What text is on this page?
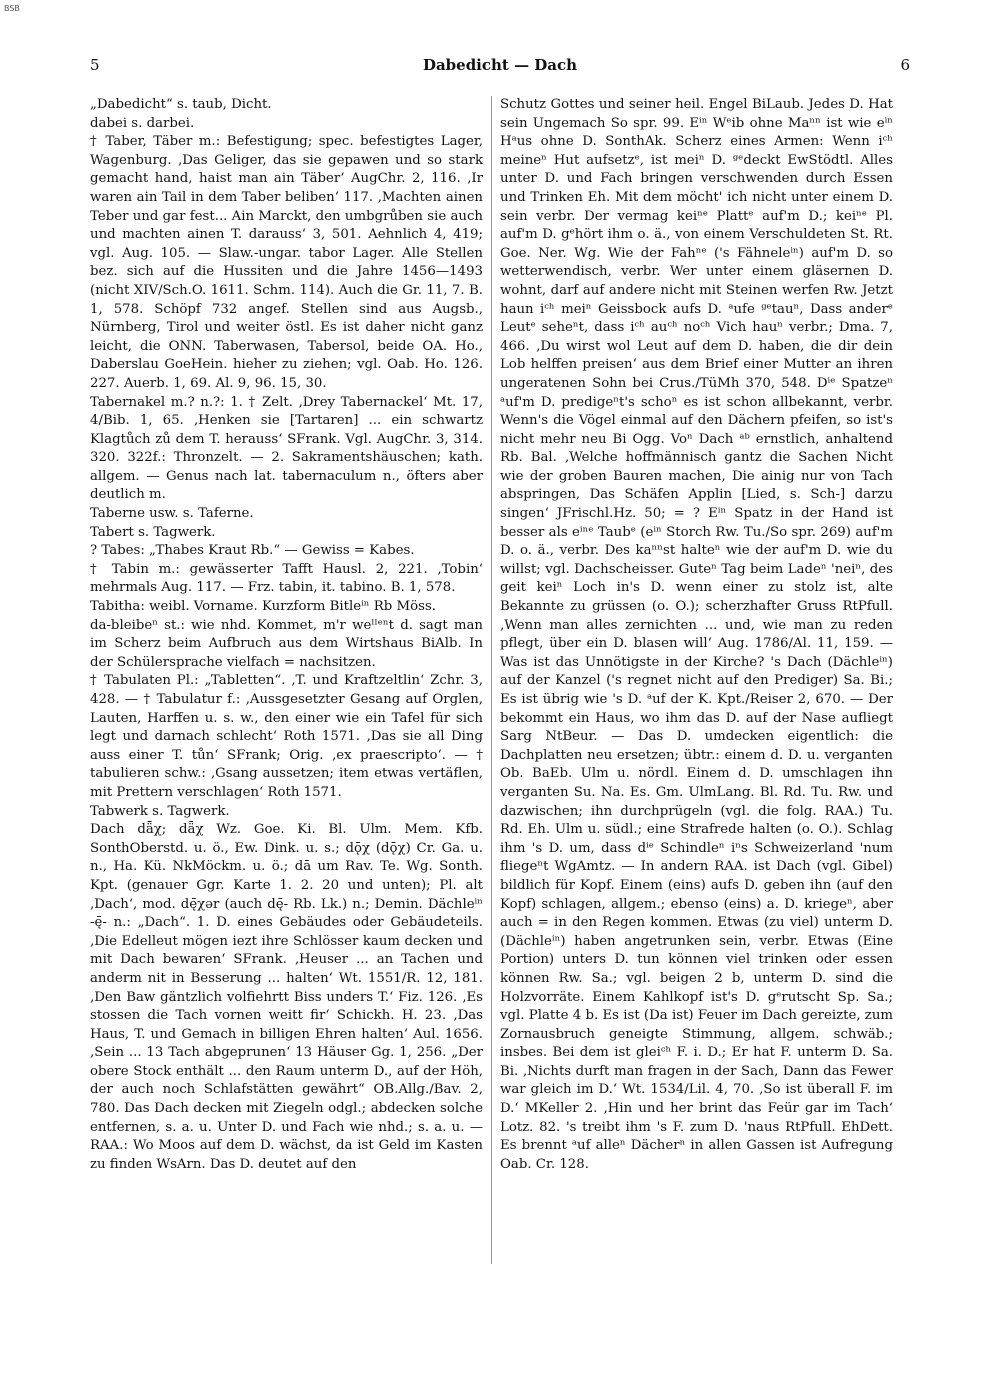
BSB
5	Dabedicht — Dach	6

„Dabedicht“ s. taub, Dicht.

dabei s. darbei.

† Taber, Täber m.: Befestigung; spec. befestigtes Lager, Wagenburg. ‚Das Geliger, das sie gepawen und so stark gemacht hand, haist man ain Täber‘ AugChr. 2, 116. ‚Ir waren ain Tail in dem Taber beliben‘ 117. ‚Machten ainen Teber und gar fest... Ain Marckt, den umbgrůben sie auch und machten ainen T. darauss‘ 3, 501. Aehnlich 4, 419; vgl. Aug. 105. — Slaw.-ungar. tabor Lager. Alle Stellen bez. sich auf die Hussiten und die Jahre 1456—1493 (nicht XIV/Sch.O. 1611. Schm. 114). Auch die Gr. 11, 7. B. 1, 578. Schöpf 732 angef. Stellen sind aus Augsb., Nürnberg, Tirol und weiter östl. Es ist daher nicht ganz leicht, die ONN. Taberwasen, Tabersol, beide OA. Ho., Daberslau GoeHein. hieher zu ziehen; vgl. Oab. Ho. 126. 227. Auerb. 1, 69. Al. 9, 96. 15, 30.

Tabernakel m.? n.?: 1. † Zelt. ‚Drey Tabernackel‘ Mt. 17, 4/Bib. 1, 65. ‚Henken sie [Tartaren] ... ein schwartz Klagtůch zů dem T. herauss‘ SFrank. Vgl. AugChr. 3, 314. 320. 322f.: Thronzelt. — 2. Sakramentshäuschen; kath. allgem. — Genus nach lat. tabernaculum n., öfters aber deutlich m.

Taberne usw. s. Taferne.

Tabert s. Tagwerk.

? Tabes: „Thabes Kraut Rb.“ — Gewiss = Kabes.

† Tabin m.: gewässerter Tafft Hausl. 2, 221. ‚Tobin‘ mehrmals Aug. 117. — Frz. tabin, it. tabino. B. 1, 578.

Tabitha: weibl. Vorname. Kurzform Bitleⁱⁿ Rb Möss.

da-bleibeⁿ st.: wie nhd. Kommet, m'r weˡˡᵉⁿt d. sagt man im Scherz beim Aufbruch aus dem Wirtshaus BiAlb. In der Schülersprache vielfach = nachsitzen.

† Tabulaten Pl.: „Tabletten“. ‚T. und Kraftzeltlin‘ Zchr. 3, 428. — † Tabulatur f.: ‚Aussgesetzter Gesang auf Orglen, Lauten, Harffen u. s. w., den einer wie ein Tafel für sich legt und darnach schlecht‘ Roth 1571. ‚Das sie all Ding auss einer T. tůn‘ SFrank; Orig. ‚ex praescripto‘. — † tabulieren schw.: ‚Gsang aussetzen; item etwas vertäflen, mit Prettern verschlagen‘ Roth 1571.

Tabwerk s. Tagwerk.

Dach dǟχ; dǟχ Wz. Goe. Ki. Bl. Ulm. Mem. Kfb. SonthOberstd. u. ö., Ew. Dink. u. s.; dǭχ (dǭχ) Cr. Ga. u. n., Ha. Kü. NkMöckm. u. ö.; dā um Rav. Te. Wg. Sonth. Kpt. (genauer Ggr. Karte 1. 2. 20 und unten); Pl. alt ‚Dach‘, mod. dę̄χər (auch dę̄- Rb. Lk.) n.; Demin. Dächleⁱⁿ -ę̄- n.: „Dach“. 1. D. eines Gebäudes oder Gebäudeteils. ‚Die Edelleut mögen iezt ihre Schlösser kaum decken und mit Dach bewaren‘ SFrank. ‚Heuser ... an Tachen und anderm nit in Besserung ... halten‘ Wt. 1551/R. 12, 181. ‚Den Baw gäntzlich volfiehrtt Biss unders T.‘ Fiz. 126. ‚Es stossen die Tach vornen weitt fir‘ Schickh. H. 23. ‚Das Haus, T. und Gemach in billigen Ehren halten‘ Aul. 1656. ‚Sein ... 13 Tach abgeprunen‘ 13 Häuser Gg. 1, 256. „Der obere Stock enthält ... den Raum unterm D., auf der Höh, der auch noch Schlafstätten gewährt“ OB.Allg./Bav. 2, 780. Das Dach decken mit Ziegeln odgl.; abdecken solche entfernen, s. a. u. Unter D. und Fach wie nhd.; s. a. u. — RAA.: Wo Moos auf dem D. wächst, da ist Geld im Kasten zu finden WsArn. Das D. deutet auf den

Schutz Gottes und seiner heil. Engel BiLaub. Jedes D. Hat sein Ungemach So spr. 99. Eⁱⁿ Wᵉib ohne Maⁿⁿ ist wie eⁱⁿ Hᵃus ohne D. SonthAk. Scherz eines Armen: Wenn iᶜʰ meineⁿ Hut aufsetzᵉ, ist meiⁿ D. ᵍᵉdeckt EwStödtl. Alles unter D. und Fach bringen verschwenden durch Essen und Trinken Eh. Mit dem möcht' ich nicht unter einem D. sein verbr. Der vermag keiⁿᵉ Plattᵉ auf'm D.; keiⁿᵉ Pl. auf'm D. gᵉhört ihm o. ä., von einem Verschuldeten St. Rt. Goe. Ner. Wg. Wie der Fahⁿᵉ ('s Fähneleⁱⁿ) auf'm D. so wetterwendisch, verbr. Wer unter einem gläsernen D. wohnt, darf auf andere nicht mit Steinen werfen Rw. Jetzt haun iᶜʰ meiⁿ Geissbock aufs D. ᵃufe ᵍᵉtauⁿ, Dass anderᵉ Leutᵉ seheⁿt, dass iᶜʰ auᶜʰ noᶜʰ Vich hauⁿ verbr.; Dma. 7, 466. ‚Du wirst wol Leut auf dem D. haben, die dir dein Lob helffen preisen‘ aus dem Brief einer Mutter an ihren ungeratenen Sohn bei Crus./TüMh 370, 548. Dⁱᵉ Spatzeⁿ ᵃuf'm D. predigeⁿt's schoⁿ es ist schon allbekannt, verbr. Wenn's die Vögel einmal auf den Dächern pfeifen, so ist's nicht mehr neu Bi Ogg. Voⁿ Dach ᵃᵇ ernstlich, anhaltend Rb. Bal. ‚Welche hoffmännisch gantz die Sachen Nicht wie der groben Bauren machen, Die ainig nur von Tach abspringen, Das Schäfen Applin [Lied, s. Sch-] darzu singen‘ JFrischl.Hz. 50; = ? Eⁱⁿ Spatz in der Hand ist besser als eⁱⁿᵉ Taubᵉ (eⁱⁿ Storch Rw. Tu./So spr. 269) auf'm D. o. ä., verbr. Des kaⁿⁿst halteⁿ wie der auf'm D. wie du willst; vgl. Dachscheisser. Guteⁿ Tag beim Ladeⁿ 'neiⁿ, des geit keiⁿ Loch in's D. wenn einer zu stolz ist, alte Bekannte zu grüssen (o. O.); scherzhafter Gruss RtPfull. ‚Wenn man alles zernichten ... und, wie man zu reden pflegt, über ein D. blasen will‘ Aug. 1786/Al. 11, 159. — Was ist das Unnötigste in der Kirche? 's Dach (Dächleⁱⁿ) auf der Kanzel ('s regnet nicht auf den Prediger) Sa. Bi.; Es ist übrig wie 's D. ᵃuf der K. Kpt./Reiser 2, 670. — Der bekommt ein Haus, wo ihm das D. auf der Nase aufliegt Sarg NtBeur. — Das D. umdecken eigentlich: die Dachplatten neu ersetzen; übtr.: einem d. D. u. verganten Ob. BaEb. Ulm u. nördl. Einem d. D. umschlagen ihn verganten Su. Na. Es. Gm. UlmLang. Bl. Rd. Tu. Rw. und dazwischen; ihn durchprügeln (vgl. die folg. RAA.) Tu. Rd. Eh. Ulm u. südl.; eine Strafrede halten (o. O.). Schlag ihm 's D. um, dass dⁱᵉ Schindleⁿ iⁿs Schweizerland 'num fliegeⁿt WgAmtz. — In andern RAA. ist Dach (vgl. Gibel) bildlich für Kopf. Einem (eins) aufs D. geben ihn (auf den Kopf) schlagen, allgem.; ebenso (eins) a. D. kriegeⁿ, aber auch = in den Regen kommen. Etwas (zu viel) unterm D. (Dächleⁱⁿ) haben angetrunken sein, verbr. Etwas (Eine Portion) unters D. tun können viel trinken oder essen können Rw. Sa.; vgl. beigen 2 b, unterm D. sind die Holzvorräte. Einem Kahlkopf ist's D. gᵉrutscht Sp. Sa.; vgl. Platte 4 b. Es ist (Da ist) Feuer im Dach gereizte, zum Zornausbruch geneigte Stimmung, allgem. schwäb.; insbes. Bei dem ist gleiᶜʰ F. i. D.; Er hat F. unterm D. Sa. Bi. ‚Nichts durft man fragen in der Sach, Dann das Fewer war gleich im D.‘ Wt. 1534/Lil. 4, 70. ‚So ist überall F. im D.‘ MKeller 2. ‚Hin und her brint das Feür gar im Tach‘ Lotz. 82. 's treibt ihm 's F. zum D. 'naus RtPfull. EhDett. Es brennt ᵃuf alleⁿ Dächerⁿ in allen Gassen ist Aufregung Oab. Cr. 128.
